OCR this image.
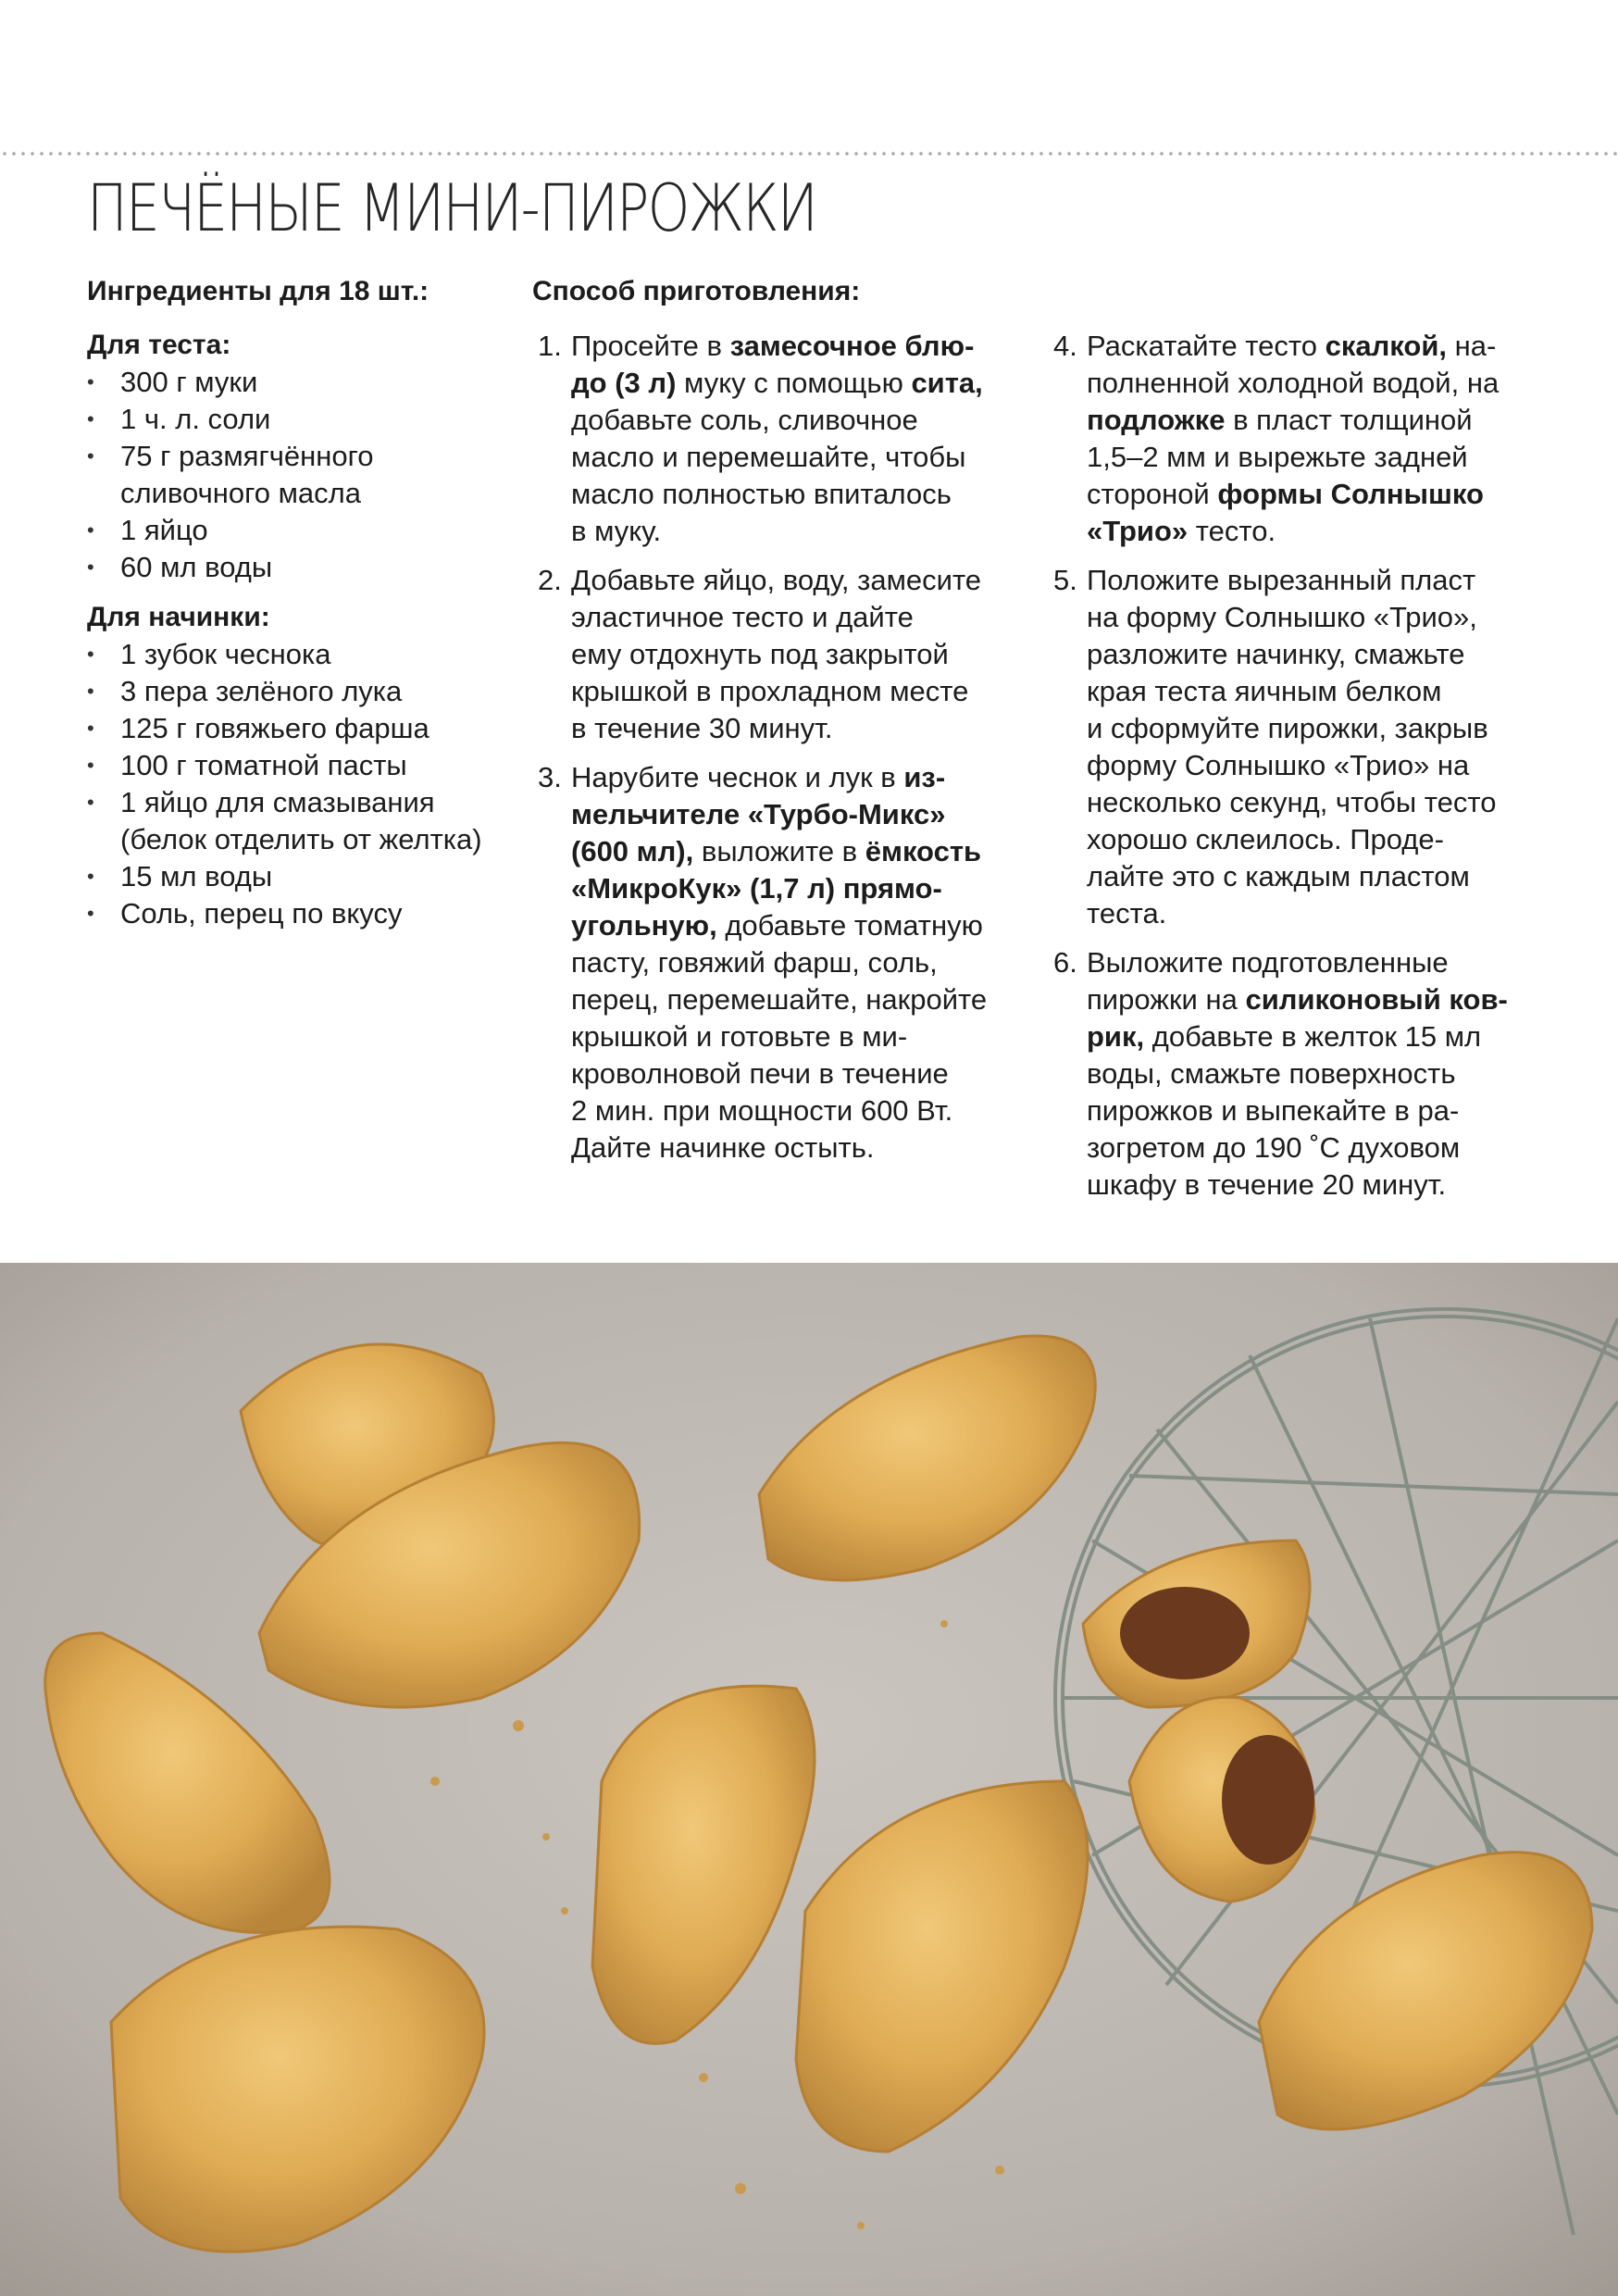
ПЕЧЁНЫЕ МИНИ-ПИРОЖКИ
Ингредиенты для 18 шт.:
Для теста:
• 300 г муки
• 1 ч. л. соли
• 75 г размягчённого сливочного масла
• 1 яйцо
• 60 мл воды
Для начинки:
• 1 зубок чеснока
• 3 пера зелёного лука
• 125 г говяжьего фарша
• 100 г томатной пасты
• 1 яйцо для смазывания (белок отделить от желтка)
• 15 мл воды
• Соль, перец по вкусу
Способ приготовления:
1. Просейте в замесочное блю-
до (3 л) муку с помощью сита,
добавьте соль, сливочное
масло и перемешайте, чтобы
масло полностью впиталось
в муку.
2. Добавьте яйцо, воду, замесите
эластичное тесто и дайте
ему отдохнуть под закрытой
крышкой в прохладном месте
в течение 30 минут.
3. Нарубите чеснок и лук в из-
мельчителе «Турбо-Микс»
(600 мл), выложите в ёмкость
«МикроКук» (1,7 л) прямо-
угольную, добавьте томатную
пасту, говяжий фарш, соль,
перец, перемешайте, накройте
крышкой и готовьте в ми-
кроволновой печи в течение
2 мин. при мощности 600 Вт.
Дайте начинке остыть.
4. Раскатайте тесто скалкой, на-
полненной холодной водой, на
подложке в пласт толщиной
1,5–2 мм и вырежьте задней
стороной формы Солнышко
«Трио» тесто.
5. Положите вырезанный пласт
на форму Солнышко «Трио»,
разложите начинку, смажьте
края теста яичным белком
и сформуйте пирожки, закрыв
форму Солнышко «Трио» на
несколько секунд, чтобы тесто
хорошо склеилось. Проде-
лайте это с каждым пластом
теста.
6. Выложите подготовленные
пирожки на силиконовый ков-
рик, добавьте в желток 15 мл
воды, смажьте поверхность
пирожков и выпекайте в ра-
зогретом до 190 ˚С духовом
шкафу в течение 20 минут.
